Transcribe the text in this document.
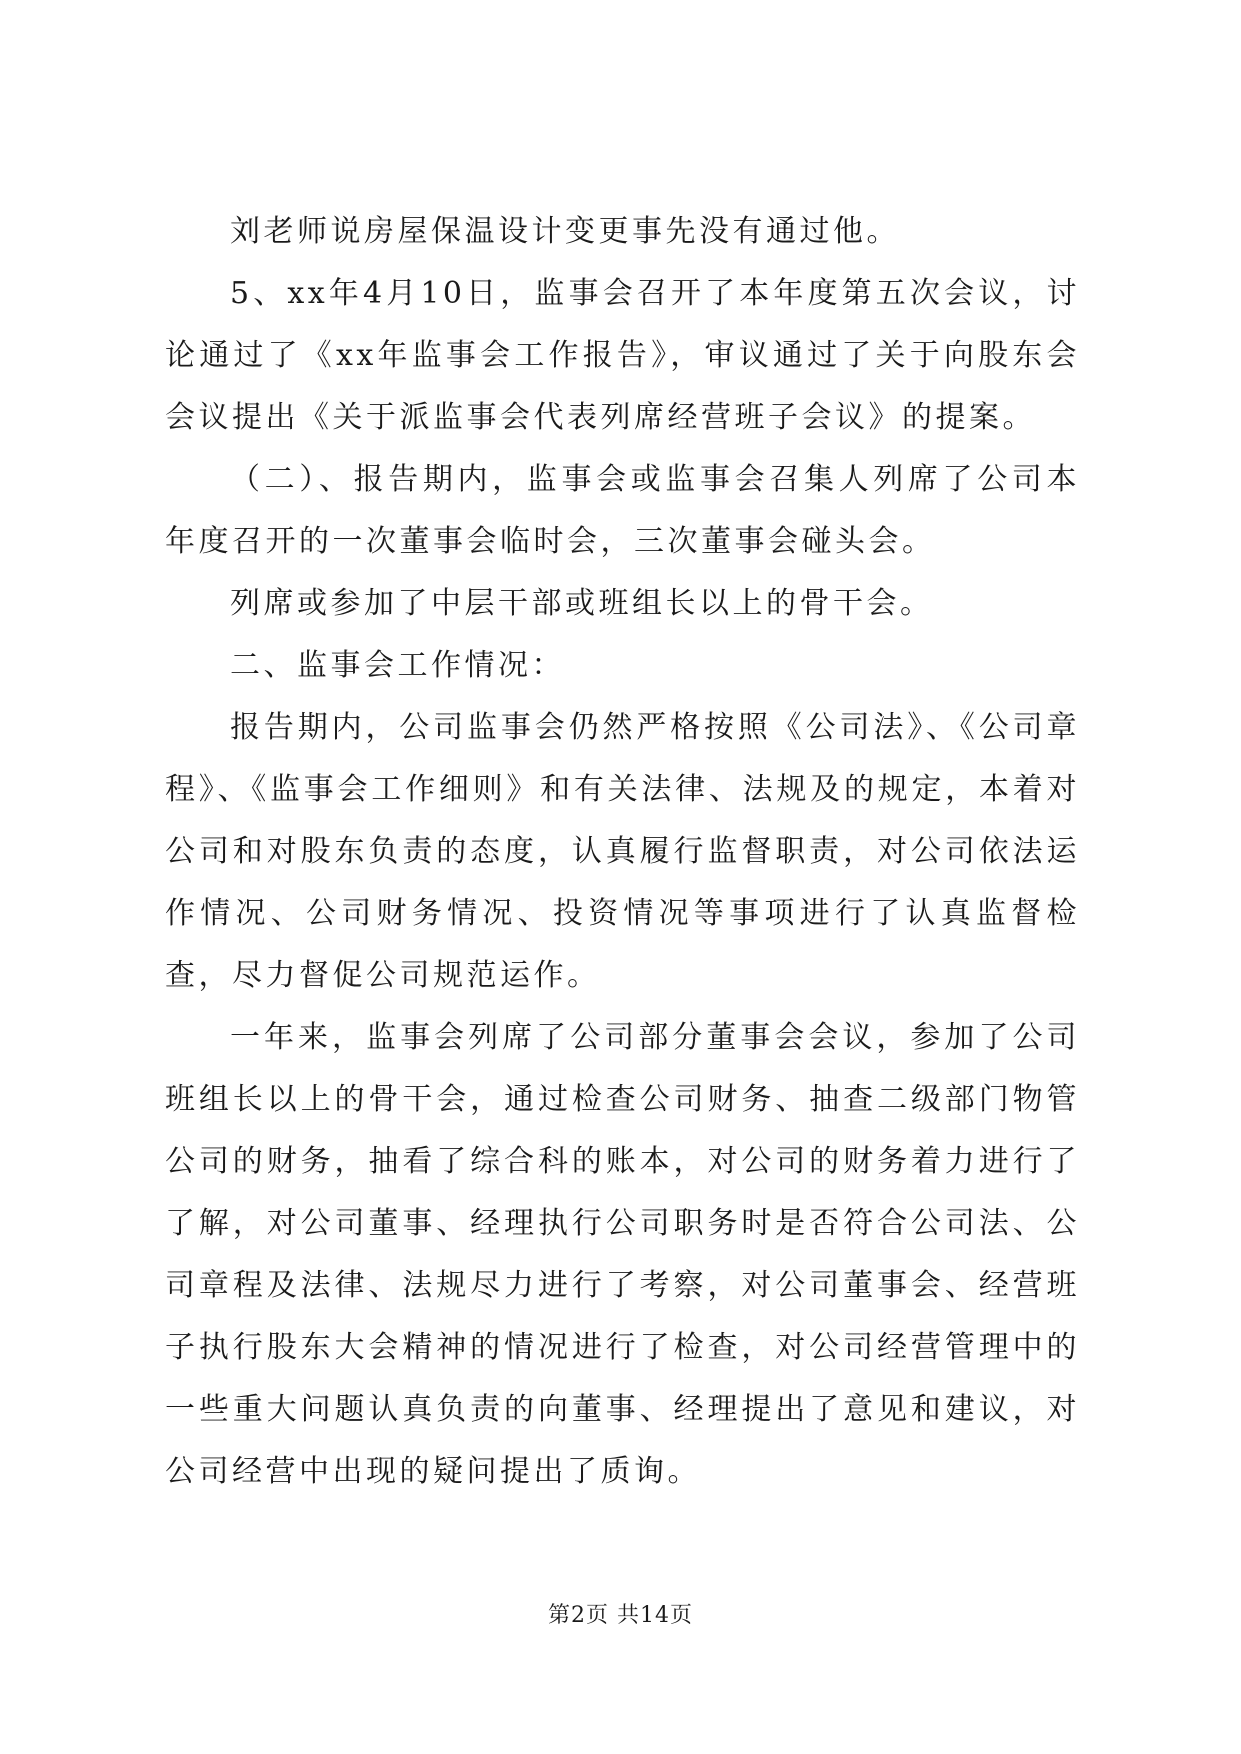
刘老师说房屋保温设计变更事先没有通过他。

5、xx年4月10日，监事会召开了本年度第五次会议，讨论通过了《xx年监事会工作报告》，审议通过了关于向股东会会议提出《关于派监事会代表列席经营班子会议》的提案。

（二）、报告期内，监事会或监事会召集人列席了公司本年度召开的一次董事会临时会，三次董事会碰头会。

列席或参加了中层干部或班组长以上的骨干会。

二、监事会工作情况：

报告期内，公司监事会仍然严格按照《公司法》、《公司章程》、《监事会工作细则》和有关法律、法规及的规定，本着对公司和对股东负责的态度，认真履行监督职责，对公司依法运作情况、公司财务情况、投资情况等事项进行了认真监督检查，尽力督促公司规范运作。

一年来，监事会列席了公司部分董事会会议，参加了公司班组长以上的骨干会，通过检查公司财务、抽查二级部门物管公司的财务，抽看了综合科的账本，对公司的财务着力进行了了解，对公司董事、经理执行公司职务时是否符合公司法、公司章程及法律、法规尽力进行了考察，对公司董事会、经营班子执行股东大会精神的情况进行了检查，对公司经营管理中的一些重大问题认真负责的向董事、经理提出了意见和建议，对公司经营中出现的疑问提出了质询。

第2页 共14页
